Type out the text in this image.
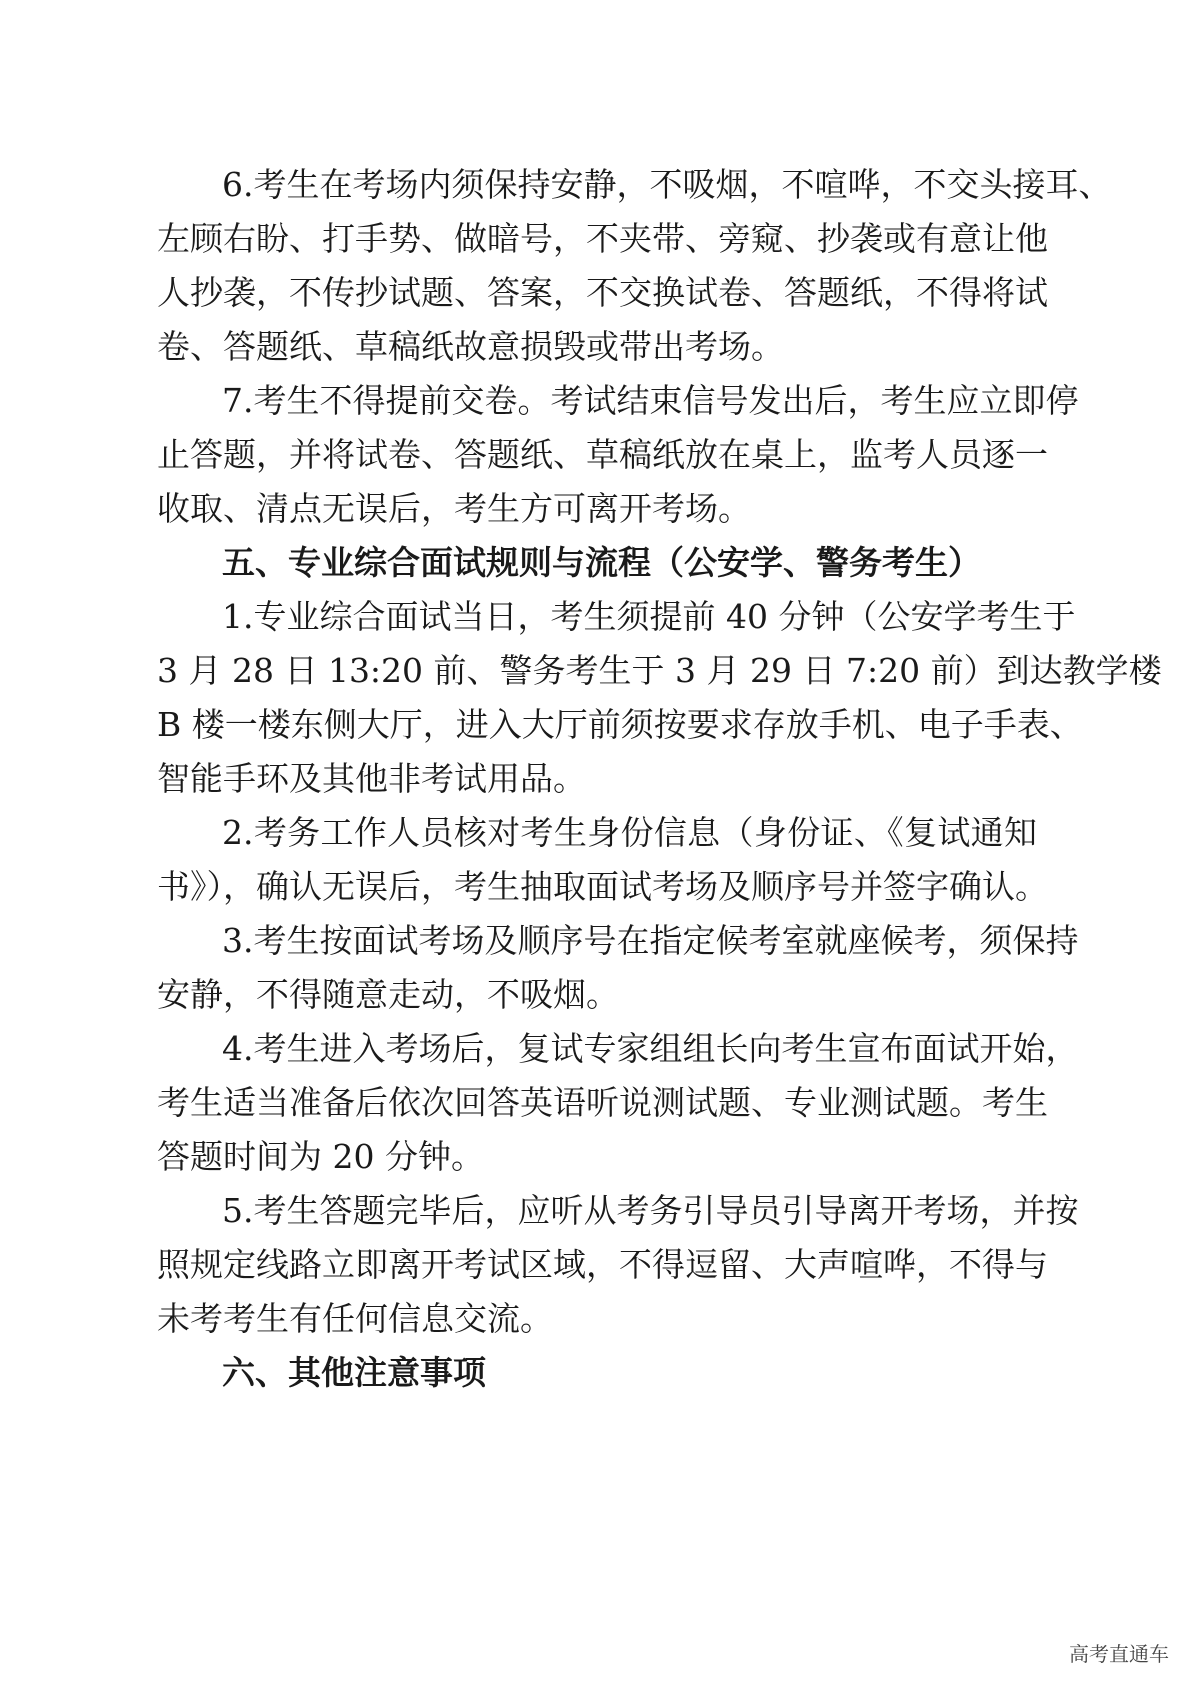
6.考生在考场内须保持安静，不吸烟，不喧哗，不交头接耳、
左顾右盼、打手势、做暗号，不夹带、旁窥、抄袭或有意让他
人抄袭，不传抄试题、答案，不交换试卷、答题纸，不得将试
卷、答题纸、草稿纸故意损毁或带出考场。
7.考生不得提前交卷。考试结束信号发出后，考生应立即停
止答题，并将试卷、答题纸、草稿纸放在桌上，监考人员逐一
收取、清点无误后，考生方可离开考场。
五、专业综合面试规则与流程（公安学、警务考生）
1.专业综合面试当日，考生须提前 40 分钟（公安学考生于
3 月 28 日 13:20 前、警务考生于 3 月 29 日 7:20 前）到达教学楼
B 楼一楼东侧大厅，进入大厅前须按要求存放手机、电子手表、
智能手环及其他非考试用品。
2.考务工作人员核对考生身份信息（身份证、《复试通知
书》），确认无误后，考生抽取面试考场及顺序号并签字确认。
3.考生按面试考场及顺序号在指定候考室就座候考，须保持
安静，不得随意走动，不吸烟。
4.考生进入考场后，复试专家组组长向考生宣布面试开始，
考生适当准备后依次回答英语听说测试题、专业测试题。考生
答题时间为 20 分钟。
5.考生答题完毕后，应听从考务引导员引导离开考场，并按
照规定线路立即离开考试区域，不得逗留、大声喧哗，不得与
未考考生有任何信息交流。
六、其他注意事项
高考直通车
